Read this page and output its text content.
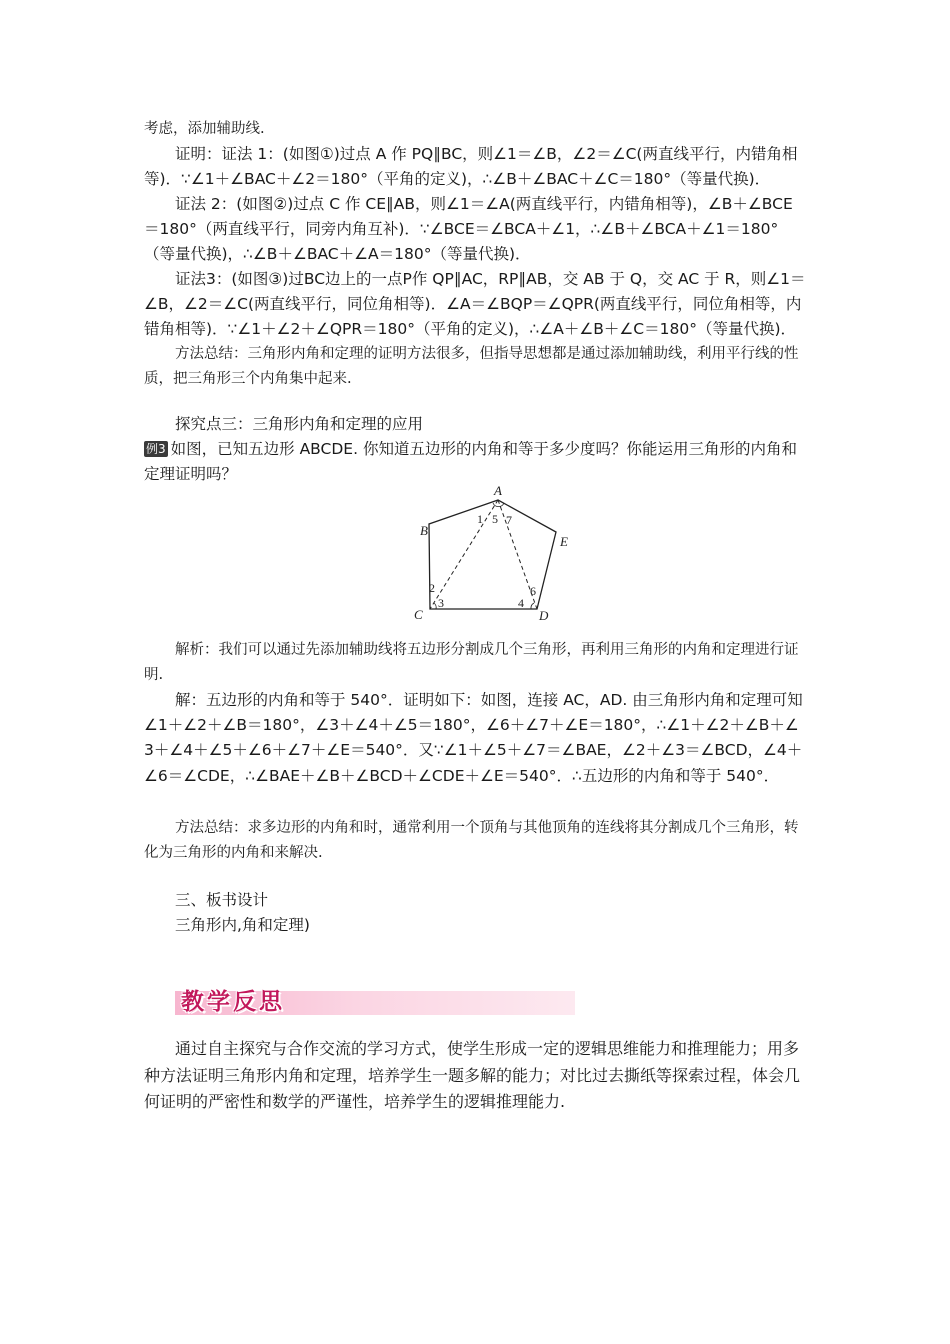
考虑，添加辅助线.
证明：证法 1：(如图①)过点 A 作 PQ∥BC，则∠1＝∠B，∠2＝∠C(两直线平行，内错角相等)．∵∠1＋∠BAC＋∠2＝180°（平角的定义)，∴∠B＋∠BAC＋∠C＝180°（等量代换)．
证法 2：(如图②)过点 C 作 CE∥AB，则∠1＝∠A(两直线平行，内错角相等)，∠B＋∠BCE＝180°（两直线平行，同旁内角互补)．∵∠BCE＝∠BCA＋∠1，∴∠B＋∠BCA＋∠1＝180°（等量代换)，∴∠B＋∠BAC＋∠A＝180°（等量代换)．
证法3：(如图③)过BC边上的一点P作 QP∥AC，RP∥AB，交 AB 于 Q，交 AC 于 R，则∠1＝∠B，∠2＝∠C(两直线平行，同位角相等)．∠A＝∠BQP＝∠QPR(两直线平行，同位角相等，内错角相等)．∵∠1＋∠2＋∠QPR＝180°（平角的定义)，∴∠A＋∠B＋∠C＝180°（等量代换)．
方法总结：三角形内角和定理的证明方法很多，但指导思想都是通过添加辅助线，利用平行线的性质，把三角形三个内角集中起来.
探究点三：三角形内角和定理的应用
例3 如图，已知五边形 ABCDE. 你知道五边形的内角和等于多少度吗？你能运用三角形的内角和定理证明吗？
A
B
C	D
E
1
2
3	4
5
6
7
解析：我们可以通过先添加辅助线将五边形分割成几个三角形，再利用三角形的内角和定理进行证明.
解：五边形的内角和等于 540°．证明如下：如图，连接 AC，AD. 由三角形内角和定理可知∠1＋∠2＋∠B＝180°，∠3＋∠4＋∠5＝180°，∠6＋∠7＋∠E＝180°，∴∠1＋∠2＋∠B＋∠3＋∠4＋∠5＋∠6＋∠7＋∠E＝540°．又∵∠1＋∠5＋∠7＝∠BAE，∠2＋∠3＝∠BCD，∠4＋∠6＝∠CDE，∴∠BAE＋∠B＋∠BCD＋∠CDE＋∠E＝540°．∴五边形的内角和等于 540°．
方法总结：求多边形的内角和时，通常利用一个顶角与其他顶角的连线将其分割成几个三角形，转化为三角形的内角和来解决.
三、板书设计
三角形内,角和定理)
教学反思
通过自主探究与合作交流的学习方式，使学生形成一定的逻辑思维能力和推理能力；用多种方法证明三角形内角和定理，培养学生一题多解的能力；对比过去撕纸等探索过程，体会几何证明的严密性和数学的严谨性，培养学生的逻辑推理能力.
